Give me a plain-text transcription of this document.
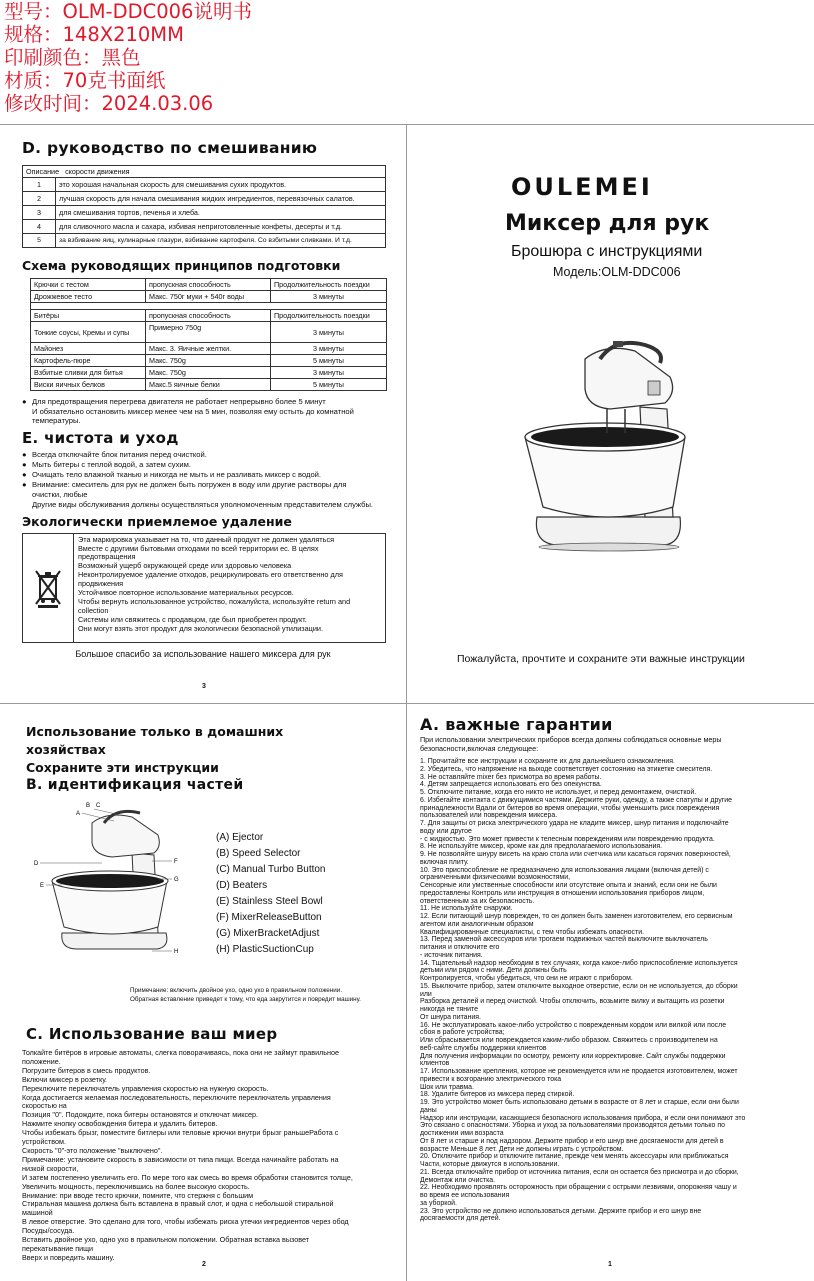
型号：OLM-DDC006说明书
规格：148X210MM
印刷颜色：黑色
材质：70克书面纸
修改时间：2024.03.06
D. руководство по смешиванию
Описание скорости движения	
1	это хорошая начальная скорость для смешивания сухих продуктов.
2	лучшая скорость для начала смешивания жидких ингредиентов, перевязочных салатов.
3	для смешивания тортов, печенья и хлеба.
4	для сливочного масла и сахара, избивая неприготовленные конфеты, десерты и т.д.
5	за взбивание яиц, кулинарные глазури, взбивание картофеля. Со взбитыми сливками. И т.д.
Схема руководящих принципов подготовки
Крючки с тестом	пропускная способность	Продолжительность поездки
Дрожжевое тесто	Макс. 750г муки + 540г воды	3 минуты

Битёры	пропускная способность	Продолжительность поездки
Тонкие соусы, Кремы и супы	Примерно 750g	3 минуты
Майонез	Макс. 3. Яичные желтки.	3 минуты
Картофель-пюре	Макс. 750g	5 минуты
Взбитые сливки для битья	Макс. 750g	3 минуты
Виски яичных белков	Макс.5 яичные белки	5 минуты
● Для предотвращения перегрева двигателя не работает непрерывно более 5 минут
И обязательно остановить миксер менее чем на 5 мин, позволяя ему остыть до комнатной
температуры.
E. чистота и уход
● Всегда отключайте блок питания перед очисткой.
● Мыть битеры с теплой водой, а затем сухим.
● Очищать тело влажной тканью и никогда не мыть и не разливать миксер с водой.
● Внимание: смеситель для рук не должен быть погружен в воду или другие растворы для
очистки, любые
Другие виды обслуживания должны осуществляться уполномоченным представителем службы.
Экологически приемлемое удаление
Эта маркировка указывает на то, что данный продукт не должен удаляться
Вместе с другими бытовыми отходами по всей территории ес. В целях
предотвращения
Возможный ущерб окружающей среде или здоровью человека
Неконтролируемое удаление отходов, рециркулировать его ответственно для
продвижения
Устойчивое повторное использование материальных ресурсов.
Чтобы вернуть использованное устройство, пожалуйста, используйте return and
collection
Системы или свяжитесь с продавцом, где был приобретен продукт.
Они могут взять этот продукт для экологически безопасной утилизации.
Большое спасибо за использование нашего миксера для рук
3
OULEMEI
Миксер для рук
Брошюра с инструкциями
Модель:OLM-DDC006
Пожалуйста, прочтите и сохраните эти важные инструкции
Использование только в домашних
хозяйствах
Сохраните эти инструкции
B. идентификация частей
A
B C
D
E
F
G
H
(A) Ejector
(B) Speed Selector
(C) Manual Turbo Button
(D) Beaters
(E) Stainless Steel Bowl
(F) MixerReleaseButton
(G) MixerBracketAdjust
(H) PlasticSuctionCup
Примечание: включить двойное ухо, одно ухо в правильном положении.
Обратная вставление приведет к тому, что еда закрутится и повредит машину.
C. Использование ваш миер
Толкайте битёров в игровые автоматы, слегка поворачиваясь, пока они не займут правильное
положение.
Погрузите битеров в смесь продуктов.
Включи миксер в розетку.
Переключите переключатель управления скоростью на нужную скорость.
Когда достигается желаемая последовательность, переключите переключатель управления
скоростью на
Позиция "0". Подождите, пока битеры остановятся и отключат миксер.
Нажмите кнопку освобождения битера и удалить битеров.
Чтобы избежать брызг, поместите битлеры или теловые крючки внутри брызг раньшеРабота с
устройством.
Скорость "0"-это положение "выключено".
Примечание: установите скорость в зависимости от типа пищи. Всегда начинайте работать на
низкой скорости,
И затем постепенно увеличить его. По мере того как смесь во время обработки становится толще,
Увеличить мощность, переключившись на более высокую скорость.
Внимание: при вводе тесто крючки, помните, что стержня с большим
Стиральная машина должна быть вставлена в правый слот, и одна с небольшой стиральной
машиной
В левое отверстие. Это сделано для того, чтобы избежать риска утечки ингредиентов через обод
Посуды/сосуда.
Вставить двойное ухо, одно ухо в правильном положении. Обратная вставка вызовет
перекатывание пищи
Вверх и повредить машину.
2
A. важные гарантии
При использовании электрических приборов всегда должны соблюдаться основные меры
безопасности,включая следующее:
1. Прочитайте все инструкции и сохраните их для дальнейшего ознакомления.
2. Убедитесь, что напряжение на выходе соответствует состоянию на этикетке смесителя.
3. Не оставляйте mixer без присмотра во время работы.
4. Детям запрещается использовать его без опекунства.
5. Отключите питание, когда его никто не использует, и перед демонтажем, очисткой.
6. Избегайте контакта с движущимися частями. Держите руки, одежду, а также спатулы и другие
принадлежности Вдали от битеров во время операции, чтобы уменьшить риск повреждения
пользователей или повреждения миксера.
7. Для защиты от риска электрического удара не кладите миксер, шнур питания и подключайте
воду или другое
- с жидкостью. Это может привести к телесным повреждениям или повреждению продукта.
8. Не используйте миксер, кроме как для предполагаемого использования.
9. Не позволяйте шнуру висеть на краю стола или счетчика или касаться горячих поверхностей,
включая плиту.
10. Это приспособление не предназначено для использования лицами (включая детей) с
ограниченными физическими возможностями,
Сенсорные или умственные способности или отсутствие опыта и знаний, если они не были
предоставлены Контроль или инструкция в отношении использования приборов лицом,
ответственным за их безопасность.
11. Не используйте снаружи.
12. Если питающий шнур поврежден, то он должен быть заменен изготовителем, его сервисным
агентом или аналогичным образом
Квалифицированные специалисты, с тем чтобы избежать опасности.
13. Перед заменой аксессуаров или трогаем подвижных частей выключите выключатель
питания и отключите его
- источник питания.
14. Тщательный надзор необходим в тех случаях, когда какое-либо приспособление используется
детьми или рядом с ними. Дети должны быть
Контролируется, чтобы убедиться, что они не играют с прибором.
15. Выключите прибор, затем отключите выходное отверстие, если он не используется, до сборки
или
Разборка деталей и перед очисткой. Чтобы отключить, возьмите вилку и вытащить из розетки
никогда не тяните
От шнура питания.
16. Не эксплуатировать какое-либо устройство с поврежденным кордом или вилкой или после
сбоя в работе устройства;
Или сбрасывается или повреждается каким-либо образом. Свяжитесь с производителем на
веб-сайте службы поддержки клиентов
Для получения информации по осмотру, ремонту или корректировке. Сайт службы поддержки
клиентов
17. Использование крепления, которое не рекомендуется или не продается изготовителем, может
привести к возгоранию электрического тока
Шок или травма.
18. Удалите битеров из миксера перед стиркой.
19. Это устройство может быть использовано детьми в возрасте от 8 лет и старше, если они были
даны
Надзор или инструкции, касающиеся безопасного использования прибора, и если они понимают это
Это связано с опасностями. Уборка и уход за пользователями производятся детьми только по
достижении ими возраста
От 8 лет и старше и под надзором. Держите прибор и его шнур вне досягаемости для детей в
возрасте Меньше 8 лет. Дети не должны играть с устройством.
20. Отключите прибор и отключите питание, прежде чем менять аксессуары или приближаться
Части, которые движутся в использовании.
21. Всегда отключайте прибор от источника питания, если он остается без присмотра и до сборки,
Демонтаж или очистка.
22. Необходимо проявлять осторожность при обращении с острыми лезвиями, опорожняя чашу и
во время ее использования
за уборкой.
23. Это устройство не должно использоваться детьми. Держите прибор и его шнур вне
досягаемости для детей.
1
